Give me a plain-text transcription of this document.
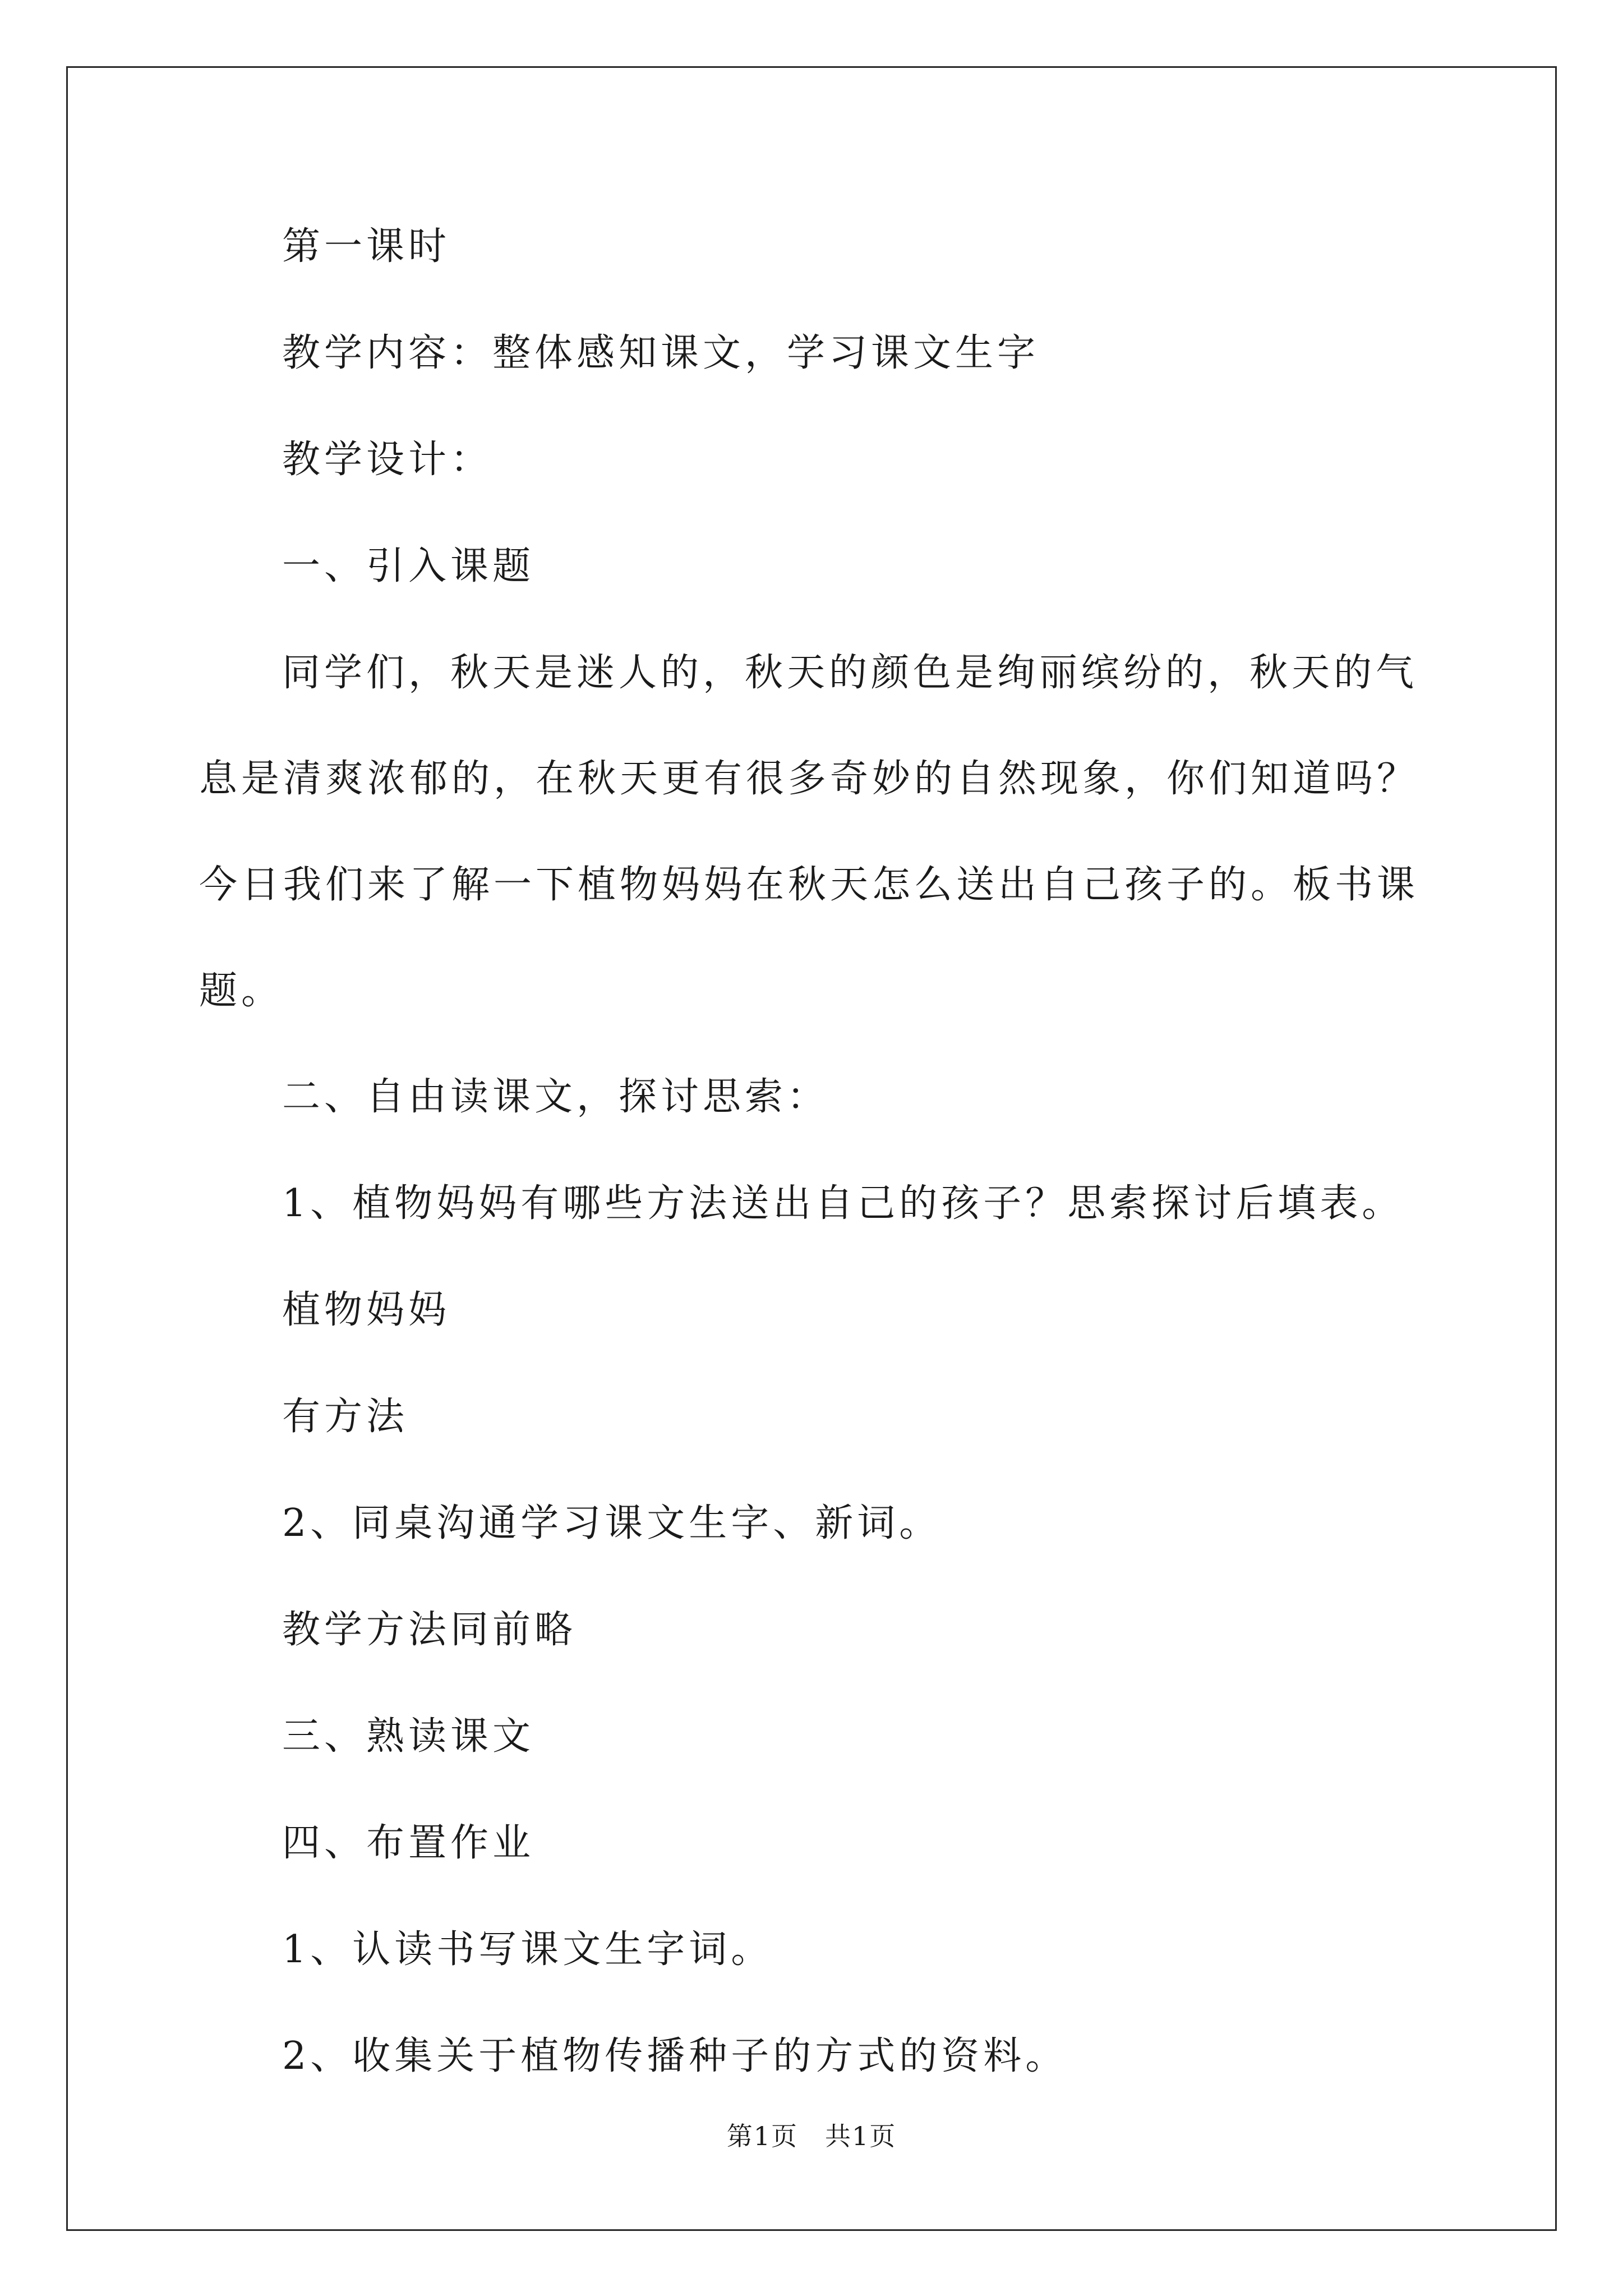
第一课时

教学内容：整体感知课文，学习课文生字

教学设计：

一、引入课题

同学们，秋天是迷人的，秋天的颜色是绚丽缤纷的，秋天的气息是清爽浓郁的，在秋天更有很多奇妙的自然现象，你们知道吗？今日我们来了解一下植物妈妈在秋天怎么送出自己孩子的。板书课题。

二、自由读课文，探讨思索：

1、植物妈妈有哪些方法送出自己的孩子？思索探讨后填表。

植物妈妈

有方法

2、同桌沟通学习课文生字、新词。

教学方法同前略

三、熟读课文

四、布置作业

1、认读书写课文生字词。

2、收集关于植物传播种子的方式的资料。

第1页 共1页
